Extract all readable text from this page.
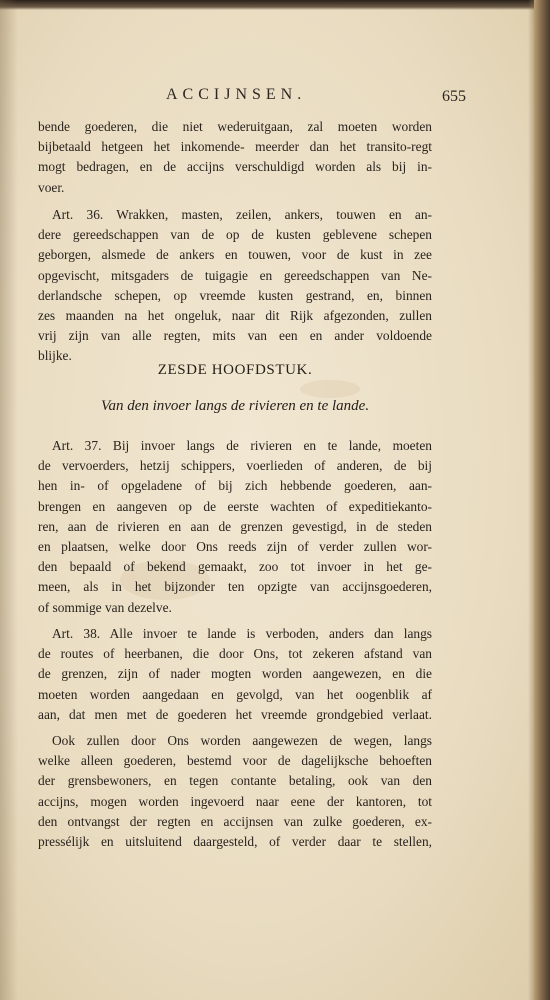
ACCIJNSEN.	655
bende goederen, die niet wederuitgaan, zal moeten worden
bijbetaald hetgeen het inkomende- meerder dan het transito-regt
mogt bedragen, en de accijns verschuldigd worden als bij in-
voer.
Art. 36. Wrakken, masten, zeilen, ankers, touwen en an-
dere gereedschappen van de op de kusten geblevene schepen
geborgen, alsmede de ankers en touwen, voor de kust in zee
opgevischt, mitsgaders de tuigagie en gereedschappen van Ne-
derlandsche schepen, op vreemde kusten gestrand, en, binnen
zes maanden na het ongeluk, naar dit Rijk afgezonden, zullen
vrij zijn van alle regten, mits van een en ander voldoende
blijke.
ZESDE HOOFDSTUK.
Van den invoer langs de rivieren en te lande.
Art. 37. Bij invoer langs de rivieren en te lande, moeten
de vervoerders, hetzij schippers, voerlieden of anderen, de bij
hen in- of opgeladene of bij zich hebbende goederen, aan-
brengen en aangeven op de eerste wachten of expeditiekanto-
ren, aan de rivieren en aan de grenzen gevestigd, in de steden
en plaatsen, welke door Ons reeds zijn of verder zullen wor-
den bepaald of bekend gemaakt, zoo tot invoer in het ge-
meen, als in het bijzonder ten opzigte van accijnsgoederen,
of sommige van dezelve.
Art. 38. Alle invoer te lande is verboden, anders dan langs
de routes of heerbanen, die door Ons, tot zekeren afstand van
de grenzen, zijn of nader mogten worden aangewezen, en die
moeten worden aangedaan en gevolgd, van het oogenblik af
aan, dat men met de goederen het vreemde grondgebied verlaat.
Ook zullen door Ons worden aangewezen de wegen, langs
welke alleen goederen, bestemd voor de dagelijksche behoeften
der grensbewoners, en tegen contante betaling, ook van den
accijns, mogen worden ingevoerd naar eene der kantoren, tot
den ontvangst der regten en accijnsen van zulke goederen, ex-
pressélijk en uitsluitend daargesteld, of verder daar te stellen,
